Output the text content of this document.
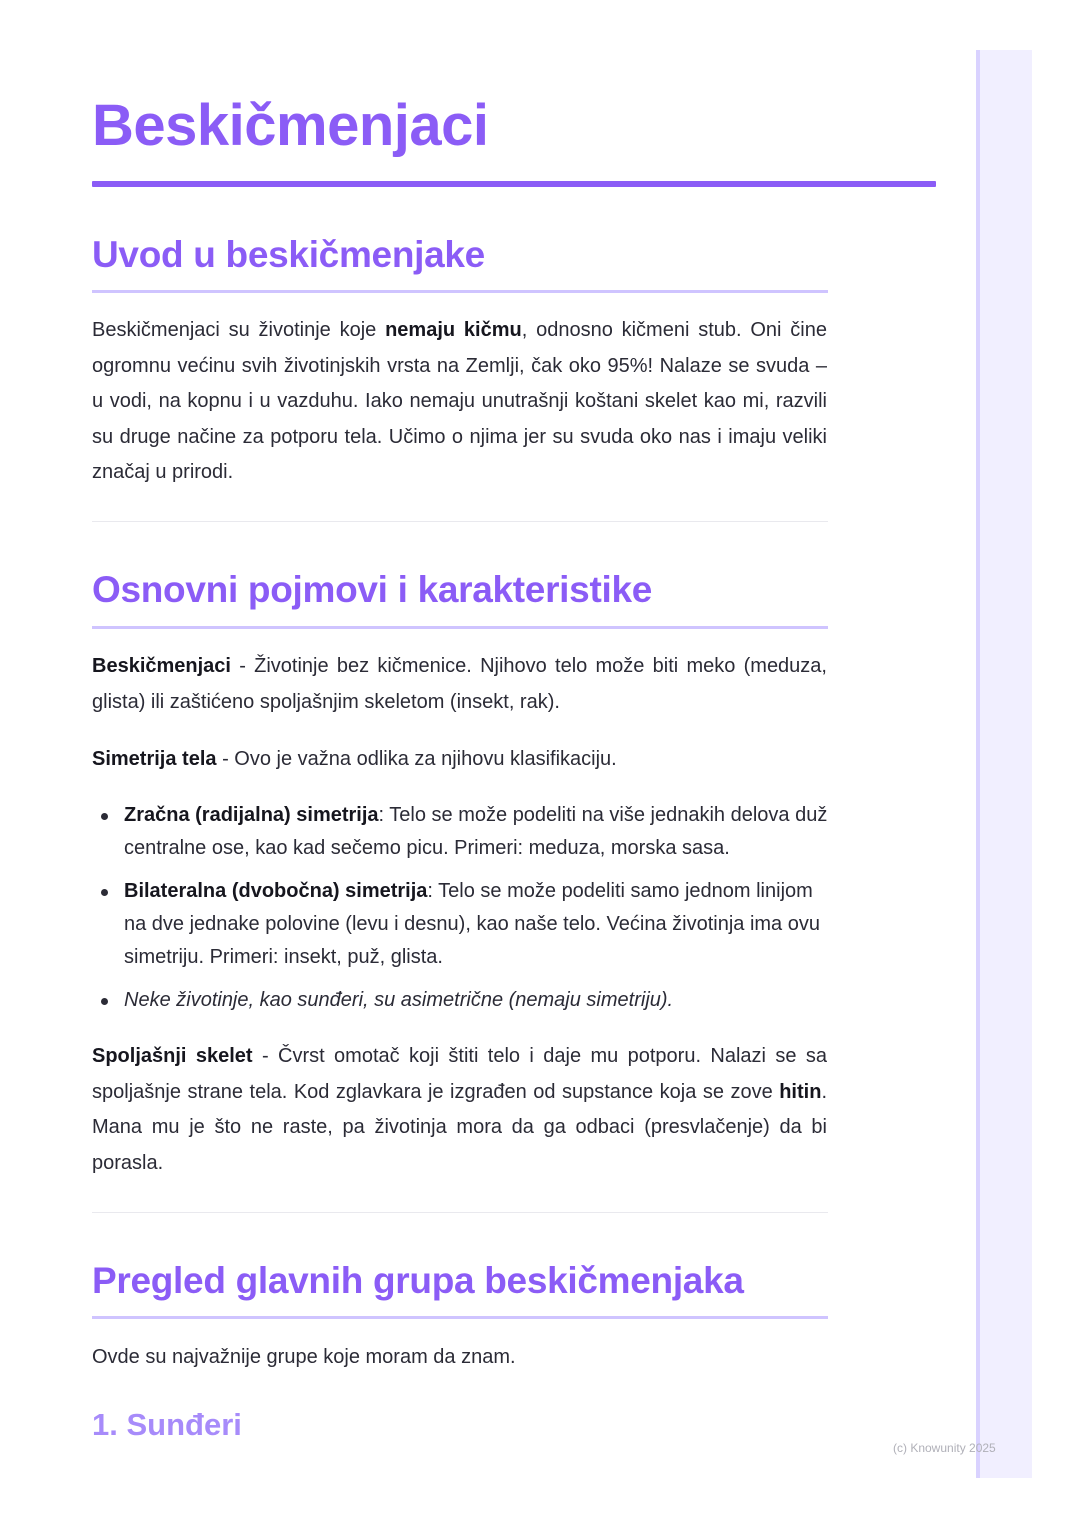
Beskičmenjaci
Uvod u beskičmenjake

Beskičmenjaci su životinje koje nemaju kičmu, odnosno kičmeni stub. Oni čine ogromnu većinu svih životinjskih vrsta na Zemlji, čak oko 95%! Nalaze se svuda – u vodi, na kopnu i u vazduhu. Iako nemaju unutrašnji koštani skelet kao mi, razvili su druge načine za potporu tela. Učimo o njima jer su svuda oko nas i imaju veliki značaj u prirodi.

Osnovni pojmovi i karakteristike

Beskičmenjaci - Životinje bez kičmenice. Njihovo telo može biti meko (meduza, glista) ili zaštićeno spoljašnjim skeletom (insekt, rak).

Simetrija tela - Ovo je važna odlika za njihovu klasifikaciju.

Zračna (radijalna) simetrija: Telo se može podeliti na više jednakih delova duž centralne ose, kao kad sečemo picu. Primeri: meduza, morska sasa.
Bilateralna (dvobočna) simetrija: Telo se može podeliti samo jednom linijom na dve jednake polovine (levu i desnu), kao naše telo. Većina životinja ima ovu simetriju. Primeri: insekt, puž, glista.
Neke životinje, kao sunđeri, su asimetrične (nemaju simetriju).

Spoljašnji skelet - Čvrst omotač koji štiti telo i daje mu potporu. Nalazi se sa spoljašnje strane tela. Kod zglavkara je izgrađen od supstance koja se zove hitin. Mana mu je što ne raste, pa životinja mora da ga odbaci (presvlačenje) da bi porasla.

Pregled glavnih grupa beskičmenjaka

Ovde su najvažnije grupe koje moram da znam.

1. Sunđeri
(c) Knowunity 2025
